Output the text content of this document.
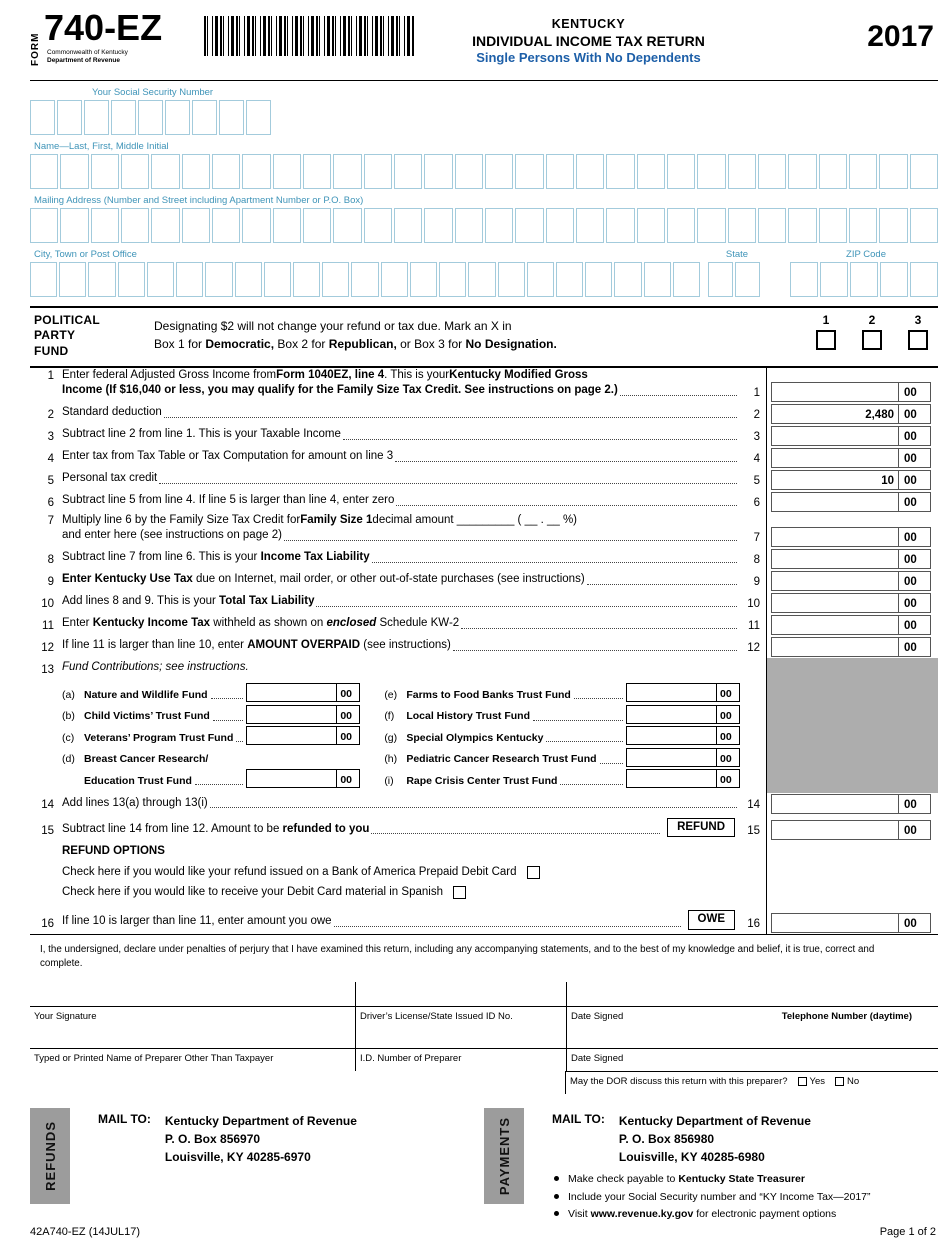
FORM
740-EZ
Commonwealth of Kentucky
Department of Revenue
KENTUCKY
INDIVIDUAL INCOME TAX RETURN
Single Persons With No Dependents
2017
Your Social Security Number
Name—Last, First, Middle Initial
Mailing Address (Number and Street including Apartment Number or P.O. Box)
City, Town or Post Office	State	ZIP Code
POLITICAL
PARTY
FUND
Designating $2 will not change your refund or tax due. Mark an X in
Box 1 for Democratic, Box 2 for Republican, or Box 3 for No Designation.
1	2	3
1 Enter federal Adjusted Gross Income from Form 1040EZ, line 4 . This is your Kentucky Modified Gross
Income (If $16,040 or less, you may qualify for the Family Size Tax Credit. See instructions on page 2.)	1	00
2 Standard deduction	2	2,480 00
3 Subtract line 2 from line 1. This is your Taxable Income	3	00
4 Enter tax from Tax Table or Tax Computation for amount on line 3	4	00
5 Personal tax credit	5	10 00
6 Subtract line 5 from line 4. If line 5 is larger than line 4, enter zero	6	00
7 Multiply line 6 by the Family Size Tax Credit for Family Size 1 decimal amount _________ ( __ . __ %)
and enter here (see instructions on page 2)	7	00
8 Subtract line 7 from line 6. This is your Income Tax Liability	8	00
9 Enter Kentucky Use Tax due on Internet, mail order, or other out-of-state purchases (see instructions)	9	00
10 Add lines 8 and 9. This is your Total Tax Liability	10	00
11 Enter Kentucky Income Tax withheld as shown on enclosed Schedule KW-2	11	00
12 If line 11 is larger than line 10, enter AMOUNT OVERPAID (see instructions)	12	00
13 Fund Contributions; see instructions.
(a) Nature and Wildlife Fund	00
(b) Child Victims’ Trust Fund	00
(c) Veterans’ Program Trust Fund	00
(d) Breast Cancer Research/
Education Trust Fund	00
(e) Farms to Food Banks Trust Fund	00
(f)	Local History Trust Fund	00
(g) Special Olympics Kentucky	00
(h) Pediatric Cancer Research Trust Fund	00
(i)	Rape Crisis Center Trust Fund	00
14 Add lines 13(a) through 13(i)	14	00
15 Subtract line 14 from line 12. Amount to be refunded to you	REFUND	15	00
REFUND OPTIONS
Check here if you would like your refund issued on a Bank of America Prepaid Debit Card
Check here if you would like to receive your Debit Card material in Spanish
16 If line 10 is larger than line 11, enter amount you owe	OWE	16	00
I, the undersigned, declare under penalties of perjury that I have examined this return, including any accompanying statements, and to the best of my knowledge and belief, it is true, correct and complete.
Your Signature	Driver’s License/State Issued ID No.	Date Signed	Telephone Number (daytime)
Typed or Printed Name of Preparer Other Than Taxpayer	I.D. Number of Preparer	Date Signed
May the DOR discuss this return with this preparer? Yes No
REFUNDS
MAIL TO: Kentucky Department of Revenue
P. O. Box 856970
Louisville, KY 40285-6970	PAYMENTS	MAIL TO: Kentucky Department of Revenue
P. O. Box 856980
Louisville, KY 40285-6980
Make check payable to Kentucky State Treasurer
Include your Social Security number and “KY Income Tax—2017”
Visit www.revenue.ky.gov for electronic payment options
42A740-EZ (14JUL17)	Page 1 of 2
